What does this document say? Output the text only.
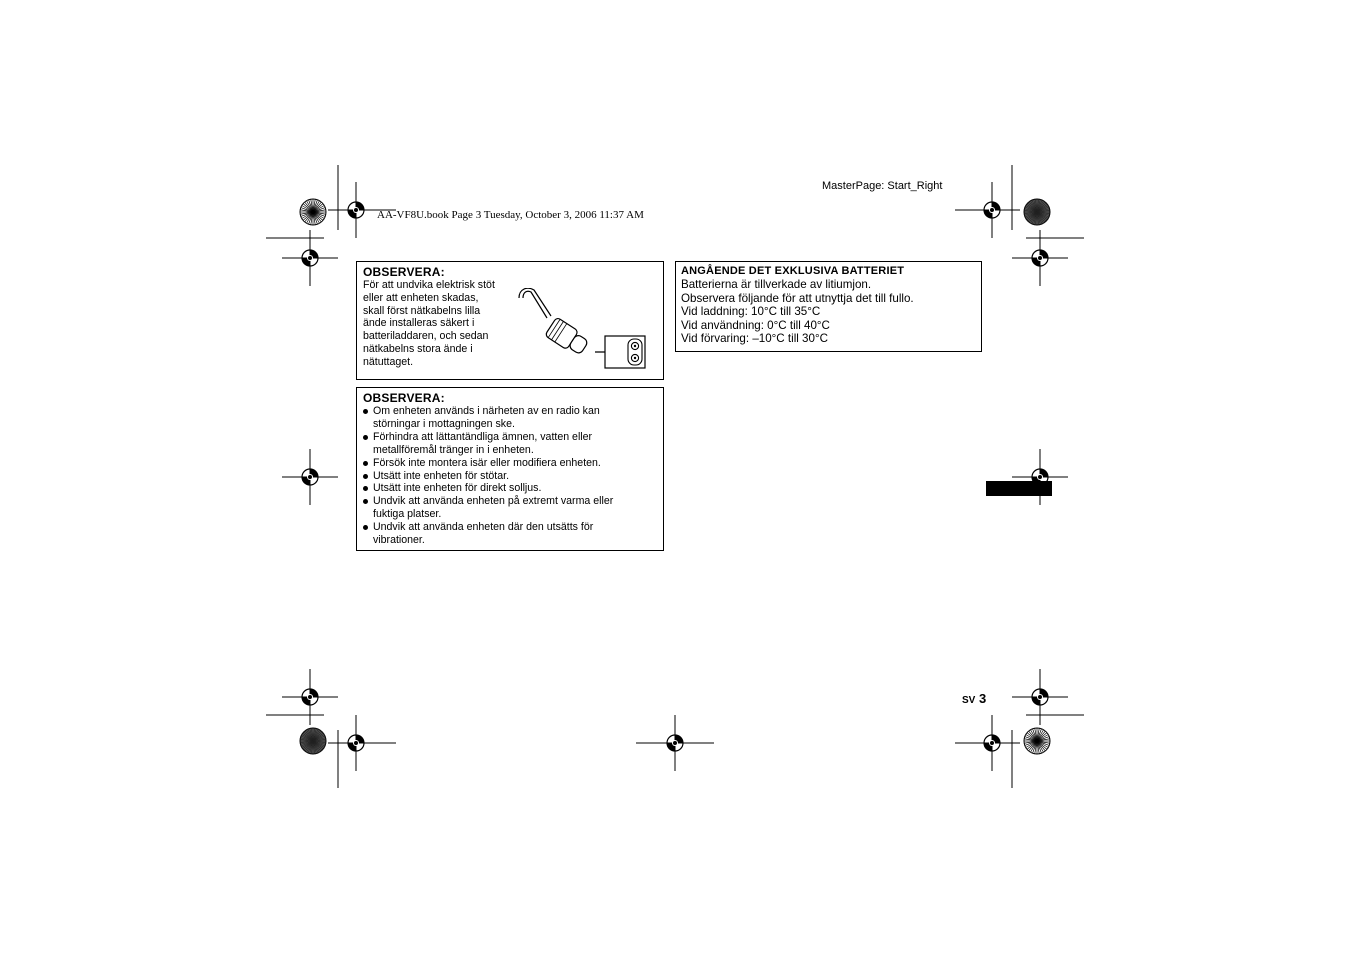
MasterPage: Start_Right
AA-VF8U.book Page 3 Tuesday, October 3, 2006 11:37 AM
OBSERVERA:
För att undvika elektrisk stöt
eller att enheten skadas,
skall först nätkabelns lilla
ände installeras säkert i
batteriladdaren, och sedan
nätkabelns stora ände i
nätuttaget.
OBSERVERA:
Om enheten används i närheten av en radio kan
störningar i mottagningen ske.
Förhindra att lättantändliga ämnen, vatten eller
metallföremål tränger in i enheten.
Försök inte montera isär eller modifiera enheten.
Utsätt inte enheten för stötar.
Utsätt inte enheten för direkt solljus.
Undvik att använda enheten på extremt varma eller
fuktiga platser.
Undvik att använda enheten där den utsätts för
vibrationer.
ANGÅENDE DET EXKLUSIVA BATTERIET
Batterierna är tillverkade av litiumjon.
Observera följande för att utnyttja det till fullo.
Vid laddning: 10°C till 35°C
Vid användning: 0°C till 40°C
Vid förvaring: –10°C till 30°C
SV 3
